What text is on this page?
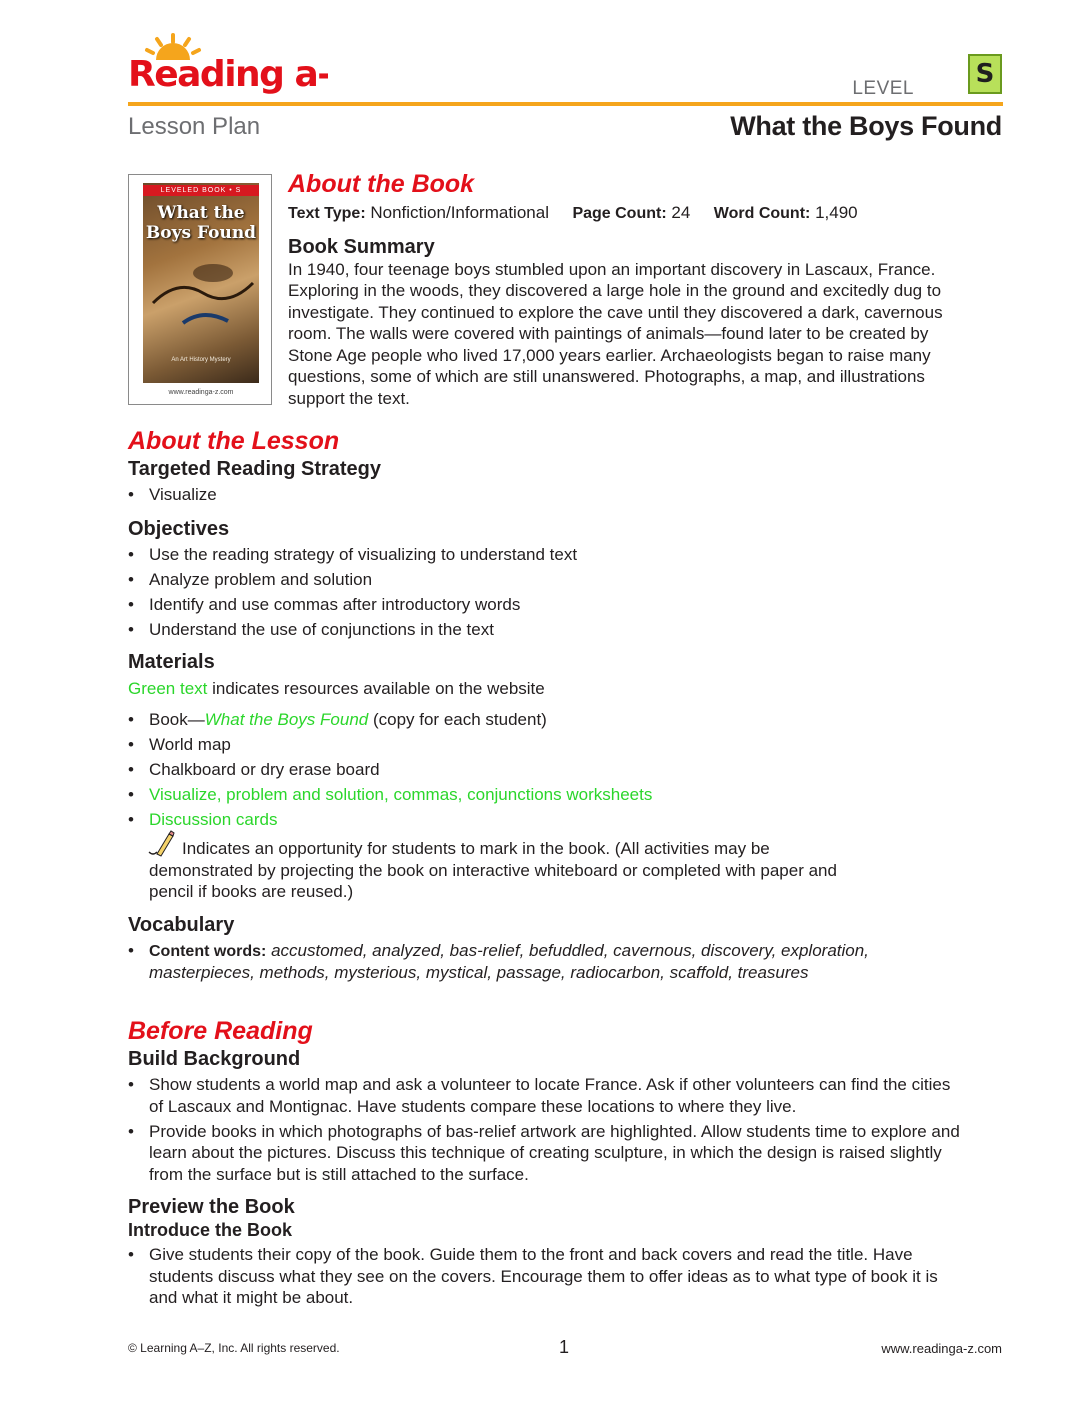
Reading a-z	LEVEL	S
Lesson Plan	What the Boys Found
LEVELED BOOK • S
What the Boys Found
An Art History Mystery
www.readinga-z.com
About the Book
Text Type: Nonfiction/Informational Page Count: 24 Word Count: 1,490
Book Summary
In 1940, four teenage boys stumbled upon an important discovery in Lascaux, France. Exploring in the woods, they discovered a large hole in the ground and excitedly dug to investigate. They continued to explore the cave until they discovered a dark, cavernous room. The walls were covered with paintings of animals—found later to be created by Stone Age people who lived 17,000 years earlier. Archaeologists began to raise many questions, some of which are still unanswered. Photographs, a map, and illustrations support the text.
About the Lesson
Targeted Reading Strategy
• Visualize
Objectives
• Use the reading strategy of visualizing to understand text
• Analyze problem and solution
• Identify and use commas after introductory words
• Understand the use of conjunctions in the text
Materials
Green text indicates resources available on the website
• Book—What the Boys Found (copy for each student)
• World map
• Chalkboard or dry erase board
• Visualize, problem and solution, commas, conjunctions worksheets
• Discussion cards
Indicates an opportunity for students to mark in the book. (All activities may be demonstrated by projecting the book on interactive whiteboard or completed with paper and pencil if books are reused.)
Vocabulary
• Content words: accustomed, analyzed, bas-relief, befuddled, cavernous, discovery, exploration, masterpieces, methods, mysterious, mystical, passage, radiocarbon, scaffold, treasures
Before Reading
Build Background
• Show students a world map and ask a volunteer to locate France. Ask if other volunteers can find the cities of Lascaux and Montignac. Have students compare these locations to where they live.
• Provide books in which photographs of bas-relief artwork are highlighted. Allow students time to explore and learn about the pictures. Discuss this technique of creating sculpture, in which the design is raised slightly from the surface but is still attached to the surface.
Preview the Book
Introduce the Book
• Give students their copy of the book. Guide them to the front and back covers and read the title. Have students discuss what they see on the covers. Encourage them to offer ideas as to what type of book it is and what it might be about.
© Learning A–Z, Inc. All rights reserved.	1	www.readinga-z.com
